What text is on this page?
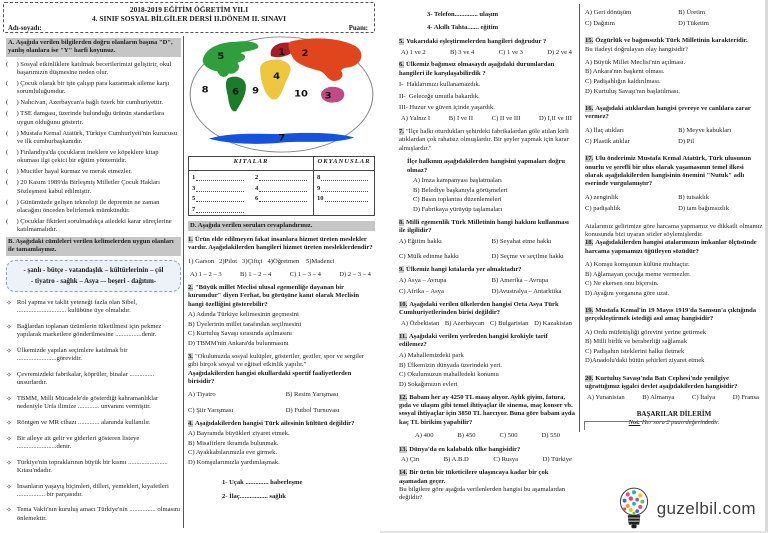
2018-2019 EĞİTİM ÖĞRETİM YILI
4. SINIF SOSYAL BİLGİLER DERSİ II.DÖNEM II. SINAVI
Adı-soyadı:	Puanı:
A. Aşağıda verilen bilgilerden doğru olanların başına "D", yanlış olanlara ise "Y" harfi koyunuz.

(     ) Sosyal etkinliklere katılmak becerilerimizi geliştirir, okul başarımızın düşmesine neden olur.

(     ) Çocuk olarak bir işte çalışıp para kazanmak aileme karşı sorumluluğumdur.

(     ) Nahcivan, Azerbaycan'a bağlı özerk bir cumhuriyettir.

(     ) TSE damgası, üzerinde bulunduğu ürünün standartlara uygun olduğunu gösterir.

(     ) Mustafa Kemal Atatürk, Türkiye Cumhuriyeti'nin kurucusu ve ilk cumhurbaşkanıdır.

(     ) Finlandiya'da çocukların ineklere ve köpeklere kitap okuması ilgi çekici bir eğitim yöntemidir.

(     ) Mucitler hayal kurmaz ve merak etmezler.

(     ) 20 Kasım 1989'da Birleşmiş Milletler Çocuk Hakları Sözleşmesi kabul edilmiştir.

(     ) Günümüzde gelişen teknoloji ile depremin ne zaman olacağını önceden belirlemek mümkündür.

(     ) Çocuklar fikirleri sorulmadıkça ailedeki karar süreçlerine katılmamalıdır.

B. Aşağıdaki cümleleri verilen kelimelerden uygun olanları ile tamamlayınız.
- şanlı - bütçe - vatandaşlık – kültürlerinin – çöl
- tiyatro - sağlık – Asya –- beşeri - dağıtım-
✧ Rol yapma ve taklit yeteneği fazla olan Sibel, .............................. kulübüne üye olmalıdır.
✧ Bağlardan toplanan üzümlerin tüketilmesi için pekmez yapılarak marketlere gönderilmesine ................denir.
✧ Ülkemizde yapılan seçimlere katılmak bir ........................görevidir.
✧ Çevremizdeki fabrikalar, köprüler, binalar ............... unsurlardır.
✧ TBMM, Milli Mücadele'de gösterdiği kahramanlıklar nedeniyle Urfa ilimize ............. unvanını vermiştir.
✧ Röntgen ve MR cihazı ............. alanında kullanılır.
✧ Bir aileye ait gelir ve giderleri gösteren listeye ........................denir.
✧ Türkiye'nin topraklarının büyük bir kısmı ........................ Kıtası'ndadır.
✧ İnsanların yaşayış biçimleri, dilleri, yemekleri, kıyafetleri ................. bir parçasıdır.
✧ Tema Vakfı'nın kuruluş amacı Türkiye'nin ................ olmasını önlemektir.
1 2
3
4
5
6
7
8	9	10
KITALAR	OKYANUSLAR

1	2
3	4
5	6
7

8
9
10
D. Aşağıda verilen soruları cevaplandırınız.

1. Ürün elde edilmeyen fakat insanlara hizmet üreten meslekler vardır. Aşağıdakilerden hangileri hizmet üreten mesleklerdendir?

1) Garson   2)Pilot   3)Çiftçi   4)Öğretmen    5)Madenci

A) 1 – 2 – 3	B) 1 – 2 – 4	C) 1 – 3 – 4	D) 2 – 3 – 4

2. "Büyük millet Meclisi ulusal egemenliğe dayanan bir kurumdur" diyen Ferhat, bu görüşüne kanıt olarak Meclisin hangi özelliğini gösterebilir?

A) Adında Türkiye kelimesinin geçmesini
B) Üyelerinin millet tarafından seçilmesini
C) Kurtuluş Savaşı sırasında açılmasını
D) TBMM'nin Ankara'da bulunmasını

3. "Okulunuzda sosyal kulüpler, gösteriler, geziler, spor ve sergiler gibi birçok sosyal ve eğitsel etkinlik yapılır."

Aşağıdakilerden hangisi okullardaki sportif faaliyetlerden birisidir?

A) Tiyatro	B) Resim Yarışması
C) Şiir Yarışması	D) Futbol Turnuvası

4. Aşağıdakilerden hangisi Türk ailesinin kültürü değildir?

A) Bayramda büyükleri ziyaret etmek.
B) Misafirlere ikramda bulunmak.
C) Ayakkabılarımızla eve girmek.
D) Komşularımızla yardımlaşmak.
1- Uçak .............. haberleşme
2- İlaç................. sağlık
3- Telefon.............. ulaşım
4- Akıllı Tahta....... eğitim

5. Yukarıdaki eşleştirmelerden hangileri doğrudur ?

A) 1 ve 2	B) 3 ve 4	C) 1 ve 3	D) 2 ve 4

6. Ülkemiz bağımsız olmasaydı aşağıdaki durumlardan hangileri ile karşılaşabilirdik ?

I-  Haklarımızı kullanamazdık.
II-  Geleceğe umutla bakardık.
III- Huzur ve güven içinde yaşardık.
A) Yalnız I	B) I ve II	C) II ve III	D) I,II ve III

7. "İlçe halkı oturdukları şehirdeki fabrikalardan göle atılan kirli atıklardan çok rahatsız olmuşlardır. Bir şeyler yapmak için karar almışlardır."

İlçe halkının aşağıdakilerden hangisini yapmaları doğru olmaz?

A) İmza kampanyası başlatmaları
B) Belediye başkanıyla görüşmeleri
C) Basın toplantısı düzenlemeleri
D) Fabrikaya yürüyüp taşlamaları

8. Milli egemenlik Türk Milletinin hangi hakkını kullanması ile ilgilidir?

A) Eğitim hakkı	B) Seyahat etme hakkı
C) Mülk edinme hakkı	D) Seçme ve seçilme hakkı

9. Ülkemiz hangi kıtalarda yer almaktadır?

A) Asya – Avrupa	B) Amerika – Avrupa
C) Afrika – Asya	D)Avustralya – Antarktika

10. Aşağıdaki verilen ülkelerden hangisi Orta Asya Türk Cumhuriyetlerinden birisi değildir?

A) Özbekistan B) Azerbaycan C) Bulgaristan D) Kazakistan

11. Aşağıdaki verilen yerlerden hangisi krokiyle tarif edilemez?

A) Mahallemizdeki park
B) Ülkemizin dünyada üzerindeki yeri.
C) Okulumuzun mahalledeki konumu
D) Sokağımızın evleri

12. Babam her ay 4250 TL maaş alıyor. Aylık giyim, fatura, gıda ve ulaşım gibi temel ihtiyaçlar ile sinema, maç konser vb. sosyal ihtiyaçlar için 3850 TL harcıyor. Buna göre babam ayda kaç TL birikim yapabilir?

A) 400	B) 450	C) 500	D) 550

13. Dünya'da en kalabalık ülke hangisidir?

A) Çin	B) A.B.D	C) Rusya	D) Türkiye

14. Bir ürün bir tüketicilere ulaşıncaya kadar bir çok aşamadan geçer.

Bu bilgilere göre aşağıda verilenlerden hangisi bu aşamalardan değildir?

A) Geri dönüşüm	B) Üretim
C) Dağıtım	D) Tüketim

15. Özgürlük ve bağımsızlık Türk Milletinin karakteridir.

Bu ifadeyi doğrulayan olay hangisidir?

A) Büyük Millet Meclisi'nin açılması.
B) Ankara'nın başkent olması.
C) Padişahlığın kaldırılması.
D) Kurtuluş Savaşı'nın başlatılması.

16. Aşağıdaki atıklardan hangisi çevreye ve canlılara zarar vermez?

A) İlaç atıkları	B) Meyve kabukları
C) Plastik atıklar	D) Pil

17. Ulu önderimiz Mustafa Kemal Atatürk, Türk ulusunun onurlu ve şerefli bir ulus olarak yaşamasının temel ilkesi olarak aşağıdakilerden hangisinin önemini "Nutuk" adlı eserinde vurgulamıştır?

A) zenginlik	B) tutsaklık
C) padişahlık	D) tam bağımsızlık

Atalarımız gelirimize göre harcama yapmamız ve dikkatli olmamız konusunda bizi uyaran sözler söylemişlerdir.

18. Aşağıdakilerden hangisi atalarımızın imkanlar ölçüsünde harcama yapmamızı öğütleyen sözüdür?

A) Komşu komşunun külüne muhtaçtır.
B) Ağlamayan çocuğa meme vermezler.
C) Ne ekersen onu biçersin.
D) Ayağını yorganına göre uzat.

19. Mustafa Kemal'in 19 Mayıs 1919'da Samsun'a çıktığında gerçekleştirmek istediği asıl amaç hangisidir?

A) Ordu müfettişliği görevini yerine getirmek
B) Milli birlik ve beraberliği sağlamak
C) Padişahın isteklerini halka iletmek
D)Anadolu'daki bütün şehirleri ziyaret etmek

20. Kurtuluş Savaşı'nda Batı Cephesi'nde yenilgiye uğrattığımız işgalci devlet aşağıdakilerden hangisidir?

A) Yunanistan	B) Almanya	C) İtalya	D) Fransa
BAŞARILAR DİLERİM
Not: Her soru 2 puan değerindedir.
guzelbil.com
